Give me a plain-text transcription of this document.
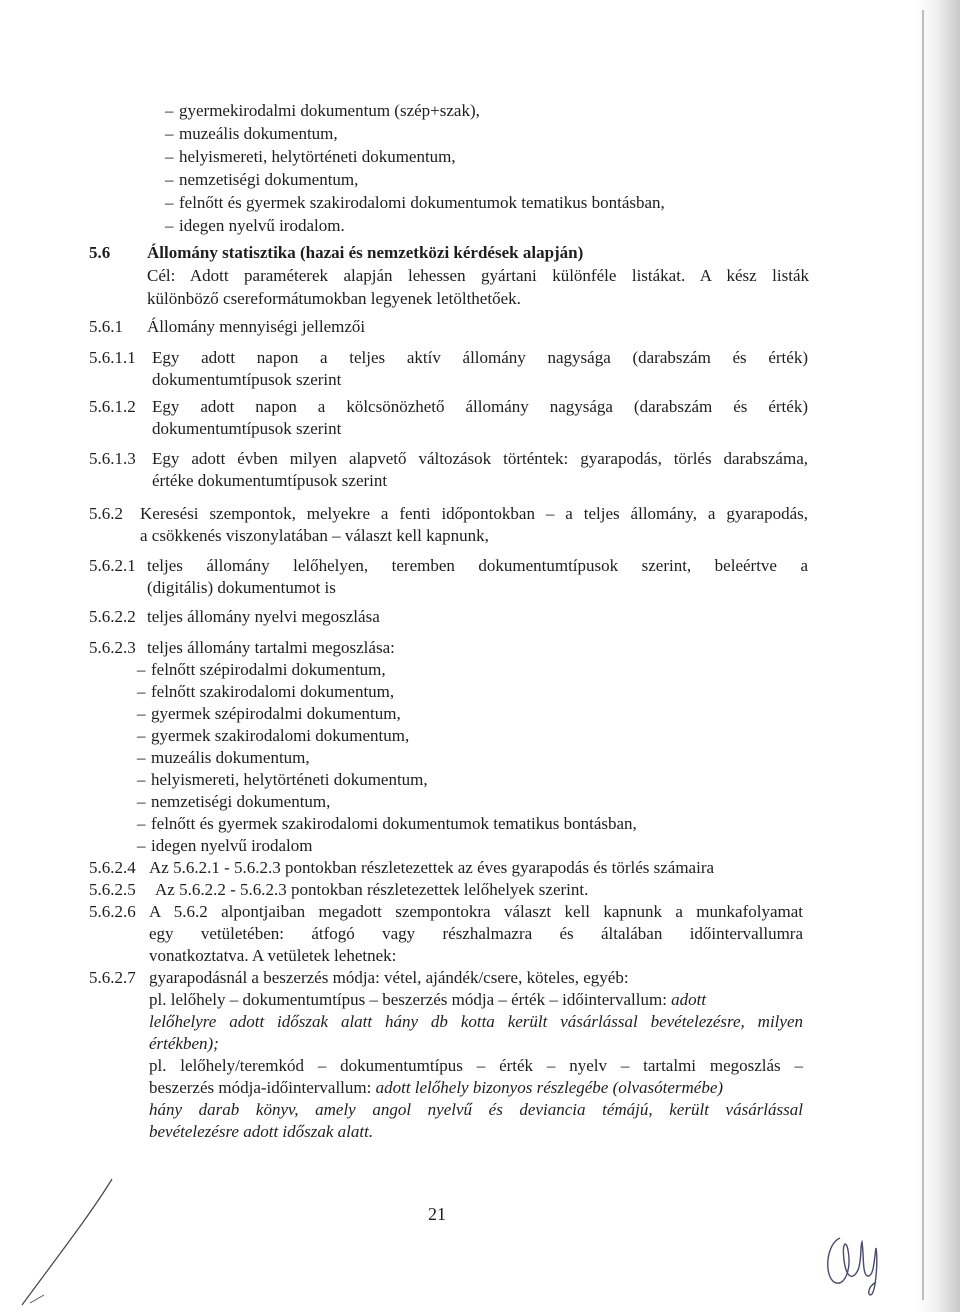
– gyermekirodalmi dokumentum (szép+szak),
– muzeális dokumentum,
– helyismereti, helytörténeti dokumentum,
– nemzetiségi dokumentum,
– felnőtt és gyermek szakirodalomi dokumentumok tematikus bontásban,
– idegen nyelvű irodalom.
5.6 Állomány statisztika (hazai és nemzetközi kérdések alapján)
Cél: Adott paraméterek alapján lehessen gyártani különféle listákat. A kész listák
különböző csereformátumokban legyenek letölthetőek.
5.6.1 Állomány mennyiségi jellemzői
5.6.1.1 Egy adott napon a teljes aktív állomány nagysága (darabszám és érték)
dokumentumtípusok szerint
5.6.1.2 Egy adott napon a kölcsönözhető állomány nagysága (darabszám és érték)
dokumentumtípusok szerint
5.6.1.3 Egy adott évben milyen alapvető változások történtek: gyarapodás, törlés darabszáma,
értéke dokumentumtípusok szerint
5.6.2 Keresési szempontok, melyekre a fenti időpontokban – a teljes állomány, a gyarapodás,
a csökkenés viszonylatában – választ kell kapnunk,
5.6.2.1 teljes állomány lelőhelyen, teremben dokumentumtípusok szerint, beleértve a
(digitális) dokumentumot is
5.6.2.2 teljes állomány nyelvi megoszlása
5.6.2.3 teljes állomány tartalmi megoszlása:
– felnőtt szépirodalmi dokumentum,
– felnőtt szakirodalomi dokumentum,
– gyermek szépirodalmi dokumentum,
– gyermek szakirodalomi dokumentum,
– muzeális dokumentum,
– helyismereti, helytörténeti dokumentum,
– nemzetiségi dokumentum,
– felnőtt és gyermek szakirodalomi dokumentumok tematikus bontásban,
– idegen nyelvű irodalom
5.6.2.4 Az 5.6.2.1 - 5.6.2.3 pontokban részletezettek az éves gyarapodás és törlés számaira
5.6.2.5 Az 5.6.2.2 - 5.6.2.3 pontokban részletezettek lelőhelyek szerint.
5.6.2.6 A 5.6.2 alpontjaiban megadott szempontokra választ kell kapnunk a munkafolyamat
egy vetületében: átfogó vagy részhalmazra és általában időintervallumra
vonatkoztatva. A vetületek lehetnek:
5.6.2.7 gyarapodásnál a beszerzés módja: vétel, ajándék/csere, köteles, egyéb:
pl. lelőhely – dokumentumtípus – beszerzés módja – érték – időintervallum: adott
lelőhelyre adott időszak alatt hány db kotta került vásárlással bevételezésre, milyen
értékben);
pl. lelőhely/teremkód – dokumentumtípus – érték – nyelv – tartalmi megoszlás –
beszerzés módja-időintervallum: adott lelőhely bizonyos részlegébe (olvasótermébe)
hány darab könyv, amely angol nyelvű és deviancia témájú, került vásárlással
bevételezésre adott időszak alatt.
21
